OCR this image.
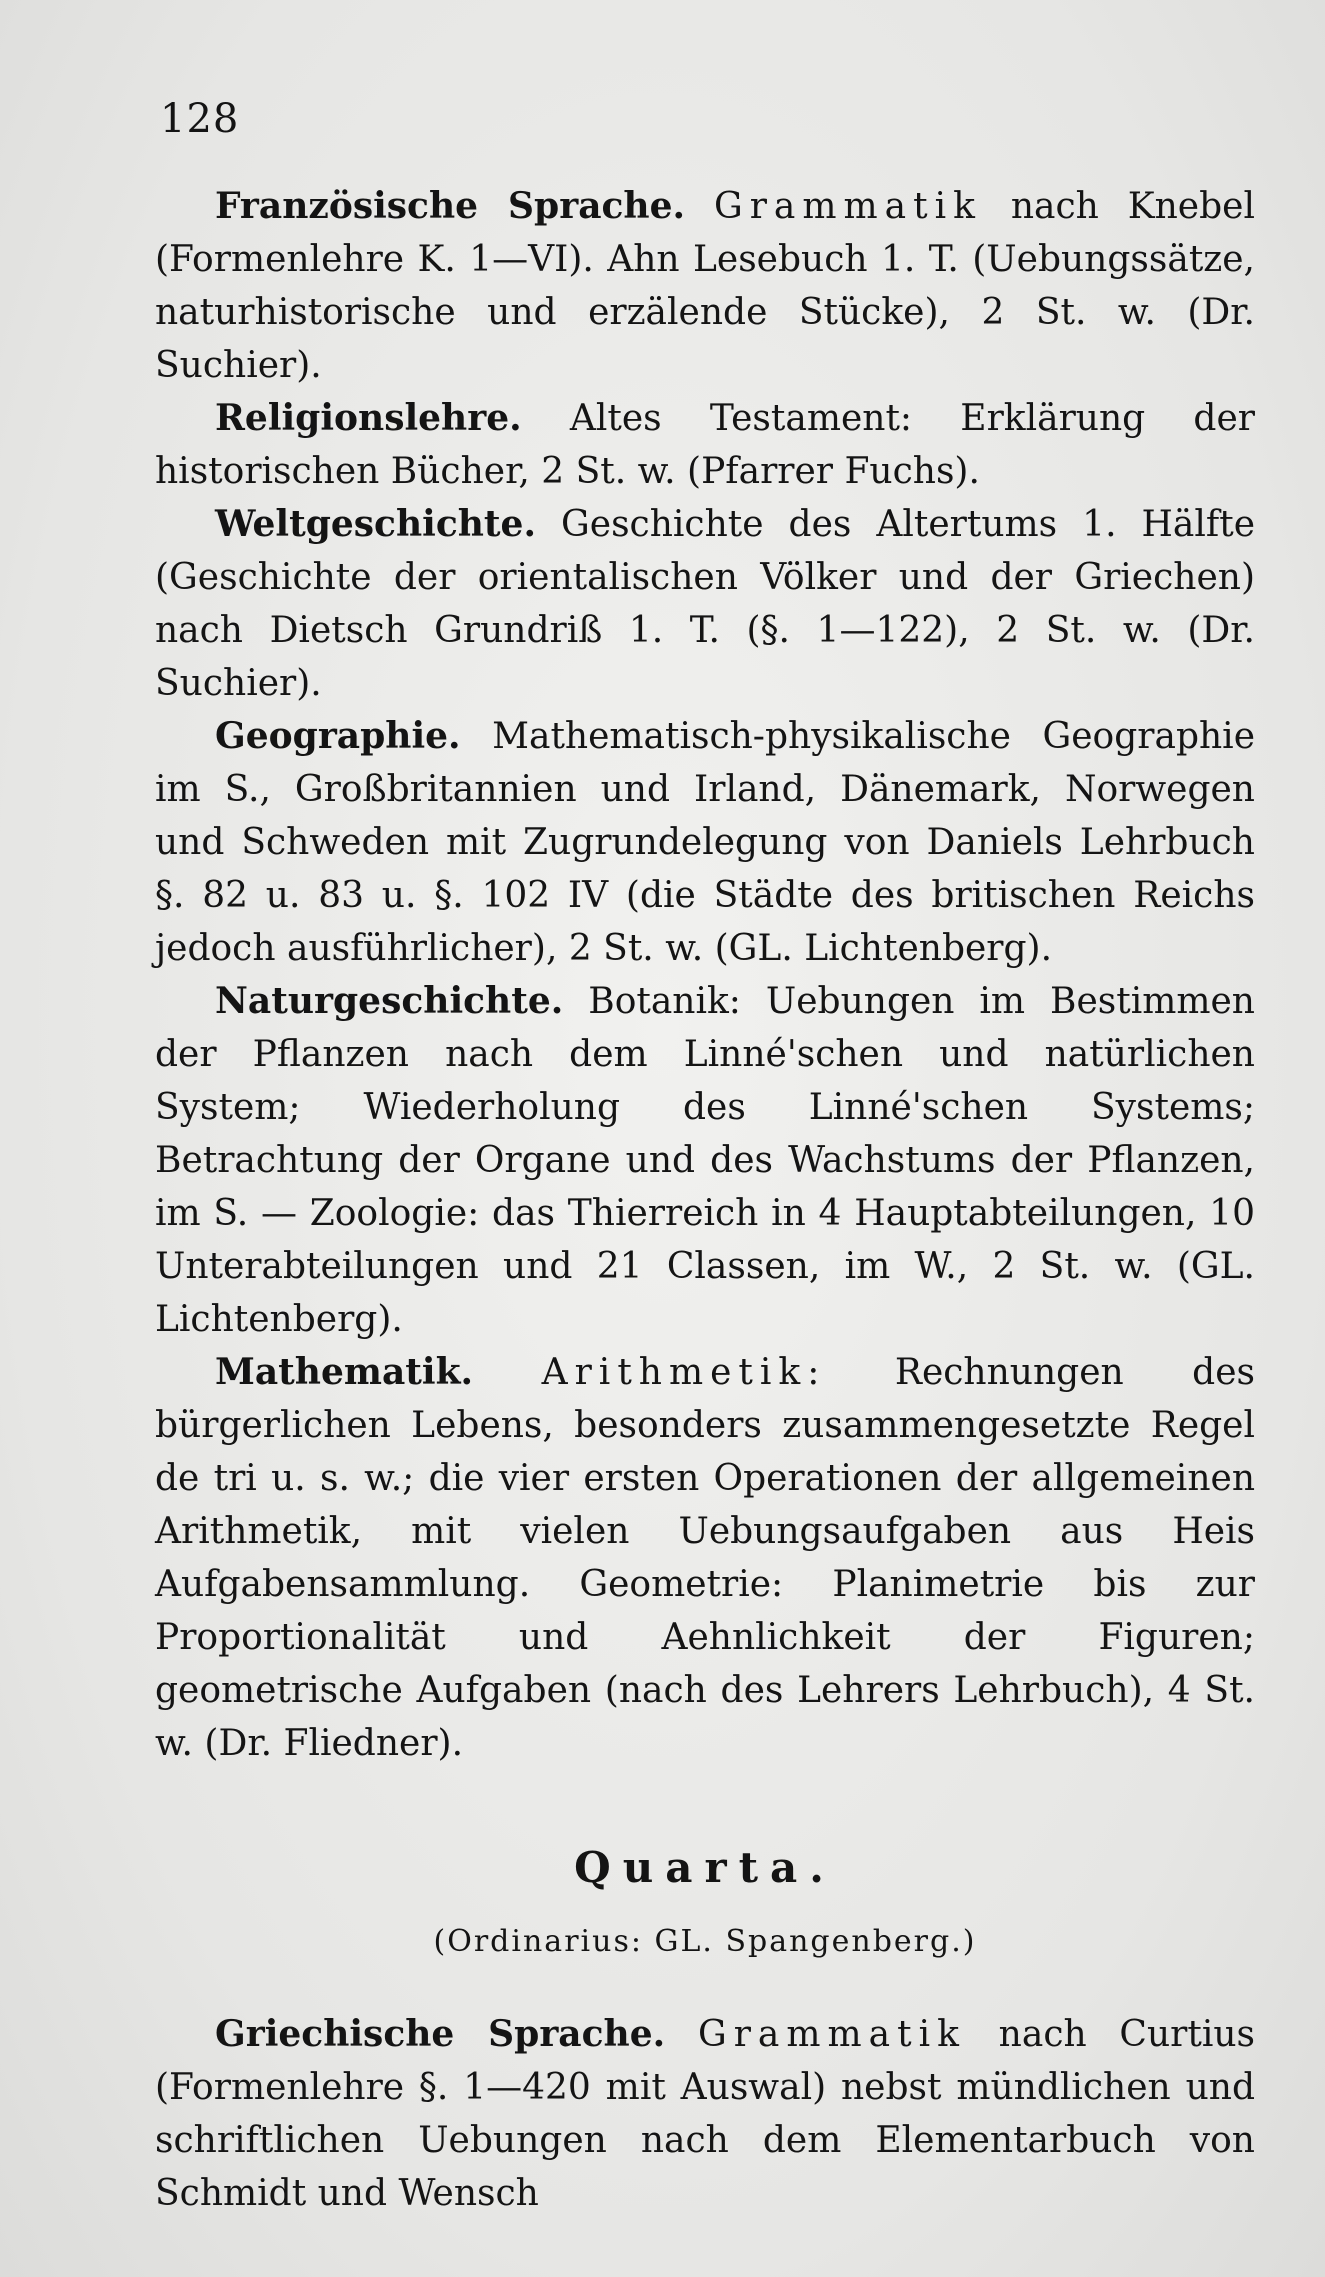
128

Französische Sprache. Grammatik nach Knebel (Formenlehre K. 1—VI). Ahn Lesebuch 1. T. (Uebungssätze, naturhistorische und erzälende Stücke), 2 St. w. (Dr. Suchier).

Religionslehre. Altes Testament: Erklärung der historischen Bücher, 2 St. w. (Pfarrer Fuchs).

Weltgeschichte. Geschichte des Altertums 1. Hälfte (Geschichte der orientalischen Völker und der Griechen) nach Dietsch Grundriß 1. T. (§. 1—122), 2 St. w. (Dr. Suchier).

Geographie. Mathematisch-physikalische Geographie im S., Großbritannien und Irland, Dänemark, Norwegen und Schweden mit Zugrundelegung von Daniels Lehrbuch §. 82 u. 83 u. §. 102 IV (die Städte des britischen Reichs jedoch ausführlicher), 2 St. w. (GL. Lichtenberg).

Naturgeschichte. Botanik: Uebungen im Bestimmen der Pflanzen nach dem Linné'schen und natürlichen System; Wiederholung des Linné'schen Systems; Betrachtung der Organe und des Wachstums der Pflanzen, im S. — Zoologie: das Thierreich in 4 Hauptabteilungen, 10 Unterabteilungen und 21 Classen, im W., 2 St. w. (GL. Lichtenberg).

Mathematik. Arithmetik: Rechnungen des bürgerlichen Lebens, besonders zusammengesetzte Regel de tri u. s. w.; die vier ersten Operationen der allgemeinen Arithmetik, mit vielen Uebungsaufgaben aus Heis Aufgabensammlung. Geometrie: Planimetrie bis zur Proportionalität und Aehnlichkeit der Figuren; geometrische Aufgaben (nach des Lehrers Lehrbuch), 4 St. w. (Dr. Fliedner).

Quarta.
(Ordinarius: GL. Spangenberg.)

Griechische Sprache. Grammatik nach Curtius (Formenlehre §. 1—420 mit Auswal) nebst mündlichen und schriftlichen Uebungen nach dem Elementarbuch von Schmidt und Wensch
